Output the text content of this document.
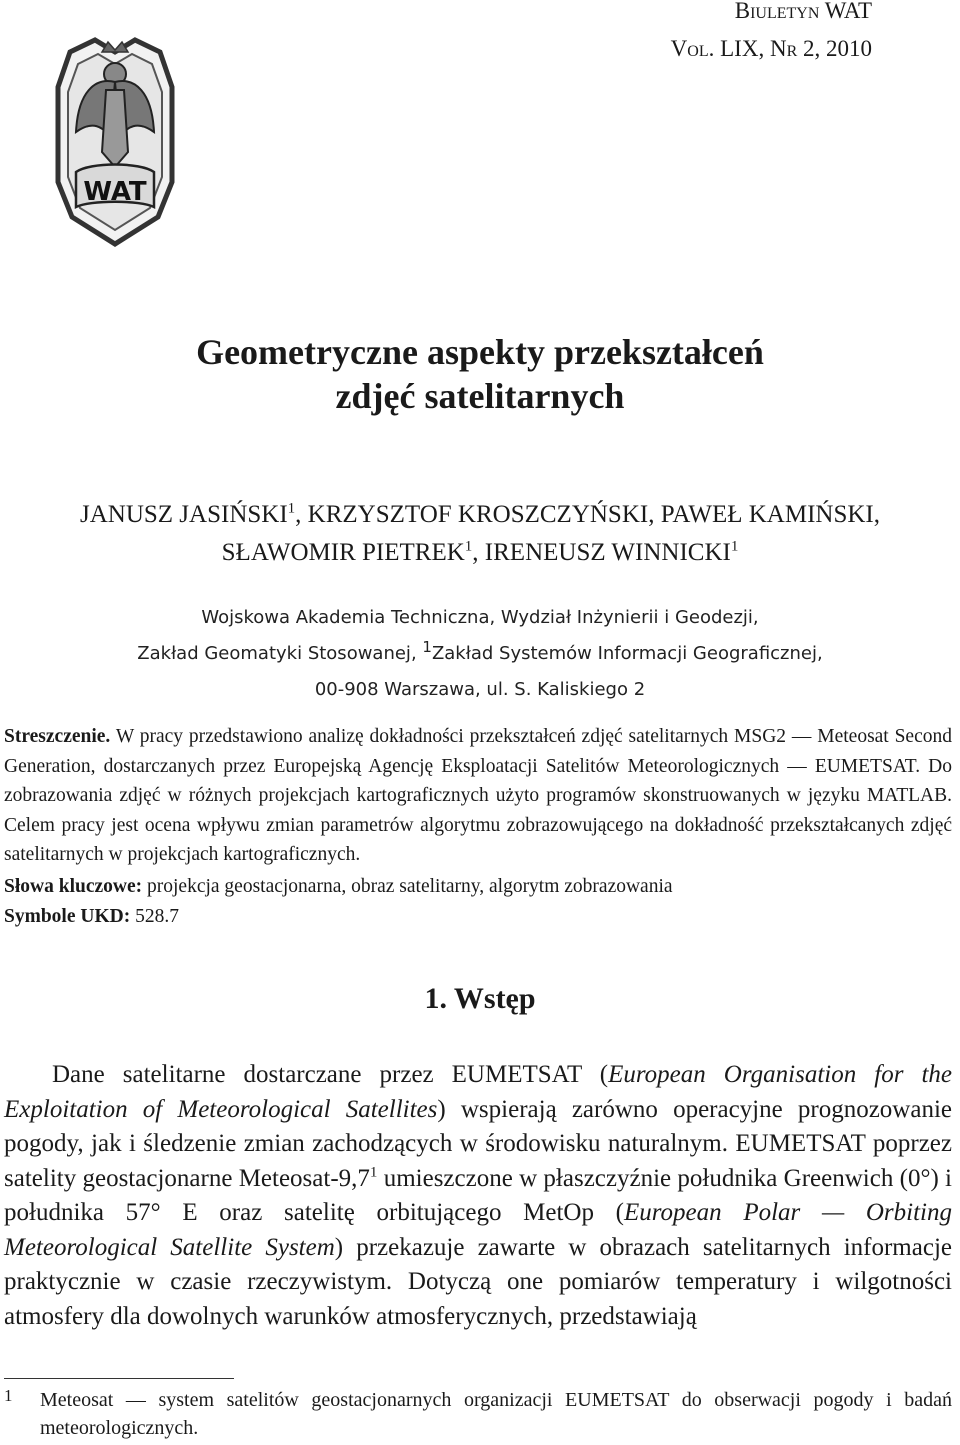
WAT
Biuletyn WAT
Vol. LIX, Nr 2, 2010
Geometryczne aspekty przekształceń
zdjęć satelitarnych
JANUSZ JASIŃSKI$^1$, KRZYSZTOF KROSZCZYŃSKI, PAWEŁ KAMIŃSKI,
SŁAWOMIR PIETREK$^1$, IRENEUSZ WINNICKI$^1$
Wojskowa Akademia Techniczna, Wydział Inżynierii i Geodezji,
Zakład Geomatyki Stosowanej, $^1$Zakład Systemów Informacji Geograficznej,
00-908 Warszawa, ul. S. Kaliskiego 2
Streszczenie. W pracy przedstawiono analizę dokładności przekształceń zdjęć satelitarnych MSG2 — Meteosat Second Generation, dostarczanych przez Europejską Agencję Eksploatacji Satelitów Meteorologicznych — EUMETSAT. Do zobrazowania zdjęć w różnych projekcjach kartograficznych użyto programów skonstruowanych w języku MATLAB. Celem pracy jest ocena wpływu zmian parametrów algorytmu zobrazowującego na dokładność przekształcanych zdjęć satelitarnych w projekcjach kartograficznych.
Słowa kluczowe: projekcja geostacjonarna, obraz satelitarny, algorytm zobrazowania
Symbole UKD: 528.7
1. Wstęp
Dane satelitarne dostarczane przez EUMETSAT (European Organisation for the Exploitation of Meteorological Satellites) wspierają zarówno operacyjne prognozowanie pogody, jak i śledzenie zmian zachodzących w środowisku naturalnym. EUMETSAT poprzez satelity geostacjonarne Meteosat-$9,7^1$ umieszczone w płaszczyźnie południka Greenwich (0°) i południka 57° E oraz satelitę orbitującego MetOp (European Polar — Orbiting Meteorological Satellite System) przekazuje zawarte w obrazach satelitarnych informacje praktycznie w czasie rzeczywistym. Dotyczą one pomiarów temperatury i wilgotności atmosfery dla dowolnych warunków atmosferycznych, przedstawiają
1 Meteosat — system satelitów geostacjonarnych organizacji EUMETSAT do obserwacji pogody i badań meteorologicznych.
